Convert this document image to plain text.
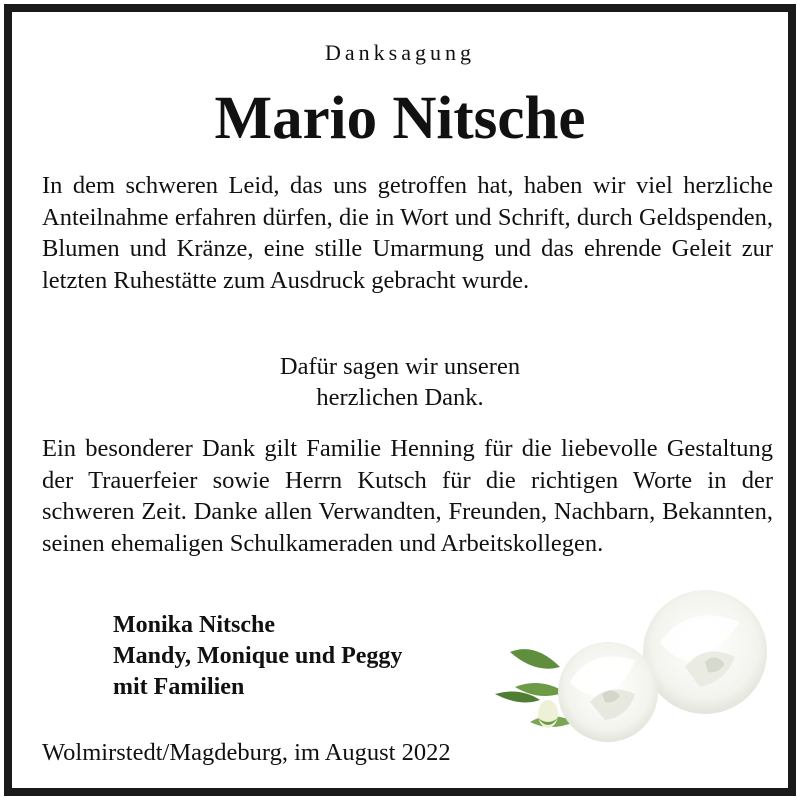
Danksagung
Mario Nitsche

In dem schweren Leid, das uns getroffen hat, haben wir viel herzliche Anteilnahme erfahren dürfen, die in Wort und Schrift, durch Geldspenden, Blumen und Kränze, eine stille Umarmung und das ehrende Geleit zur letzten Ruhestätte zum Ausdruck gebracht wurde.

Dafür sagen wir unseren
herzlichen Dank.

Ein besonderer Dank gilt Familie Henning für die liebevolle Gestaltung der Trauerfeier sowie Herrn Kutsch für die richtigen Worte in der schweren Zeit. Danke allen Verwandten, Freunden, Nachbarn, Bekannten, seinen ehemaligen Schulkameraden und Arbeitskollegen.

Monika Nitsche
Mandy, Monique und Peggy
mit Familien
Wolmirstedt/Magdeburg, im August 2022
